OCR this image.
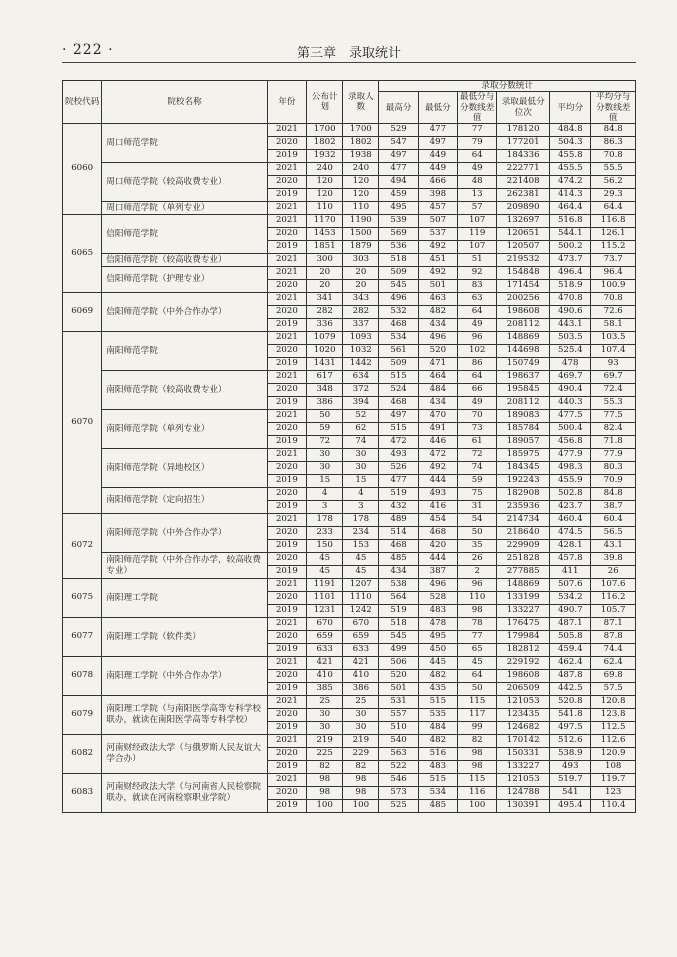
· 222 ·	第三章　录取统计
院校代码	院校名称	年份	公布计划	录取人数	录取分数统计					
					最高分	最低分	最低分与分数线差值	录取最低分位次	平均分	平均分与分数线差值
6060	周口师范学院	2021	1700	1700	529	477	77	178120	484.8	84.8
		2020	1802	1802	547	497	79	177201	504.3	86.3
		2019	1932	1938	497	449	64	184336	455.8	70.8
	周口师范学院（较高收费专业）	2021	240	240	477	449	49	222771	455.5	55.5
		2020	120	120	494	466	48	221408	474.2	56.2
		2019	120	120	459	398	13	262381	414.3	29.3
	周口师范学院（单列专业）	2021	110	110	495	457	57	209890	464.4	64.4
6065	信阳师范学院	2021	1170	1190	539	507	107	132697	516.8	116.8
		2020	1453	1500	569	537	119	120651	544.1	126.1
		2019	1851	1879	536	492	107	120507	500.2	115.2
	信阳师范学院（较高收费专业）	2021	300	303	518	451	51	219532	473.7	73.7
	信阳师范学院（护理专业）	2021	20	20	509	492	92	154848	496.4	96.4
		2020	20	20	545	501	83	171454	518.9	100.9
6069	信阳师范学院（中外合作办学）	2021	341	343	496	463	63	200256	470.8	70.8
		2020	282	282	532	482	64	198608	490.6	72.6
		2019	336	337	468	434	49	208112	443.1	58.1
6070	南阳师范学院	2021	1079	1093	534	496	96	148869	503.5	103.5
		2020	1020	1032	561	520	102	144698	525.4	107.4
		2019	1431	1442	509	471	86	150749	478	93
	南阳师范学院（较高收费专业）	2021	617	634	515	464	64	198637	469.7	69.7
		2020	348	372	524	484	66	195845	490.4	72.4
		2019	386	394	468	434	49	208112	440.3	55.3
	南阳师范学院（单列专业）	2021	50	52	497	470	70	189083	477.5	77.5
		2020	59	62	515	491	73	185784	500.4	82.4
		2019	72	74	472	446	61	189057	456.8	71.8
	南阳师范学院（异地校区）	2021	30	30	493	472	72	185975	477.9	77.9
		2020	30	30	526	492	74	184345	498.3	80.3
		2019	15	15	477	444	59	192243	455.9	70.9
	南阳师范学院（定向招生）	2020	4	4	519	493	75	182908	502.8	84.8
		2019	3	3	432	416	31	235936	423.7	38.7
6072	南阳师范学院（中外合作办学）	2021	178	178	489	454	54	214734	460.4	60.4
		2020	233	234	514	468	50	218640	474.5	56.5
		2019	150	153	468	420	35	229909	428.1	43.1
	南阳师范学院（中外合作办学，较高收费专业）	2020	45	45	485	444	26	251828	457.8	39.8
		2019	45	45	434	387	2	277885	411	26
6075	南阳理工学院	2021	1191	1207	538	496	96	148869	507.6	107.6
		2020	1101	1110	564	528	110	133199	534.2	116.2
		2019	1231	1242	519	483	98	133227	490.7	105.7
6077	南阳理工学院（软件类）	2021	670	670	518	478	78	176475	487.1	87.1
		2020	659	659	545	495	77	179984	505.8	87.8
		2019	633	633	499	450	65	182812	459.4	74.4
6078	南阳理工学院（中外合作办学）	2021	421	421	506	445	45	229192	462.4	62.4
		2020	410	410	520	482	64	198608	487.8	69.8
		2019	385	386	501	435	50	206509	442.5	57.5
6079	南阳理工学院（与南阳医学高等专科学校联办，就读在南阳医学高等专科学校）	2021	25	25	531	515	115	121053	520.8	120.8
		2020	30	30	557	535	117	123435	541.8	123.8
		2019	30	30	510	484	99	124682	497.5	112.5
6082	河南财经政法大学（与俄罗斯人民友谊大学合办）	2021	219	219	540	482	82	170142	512.6	112.6
		2020	225	229	563	516	98	150331	538.9	120.9
		2019	82	82	522	483	98	133227	493	108
6083	河南财经政法大学（与河南省人民检察院联办，就读在河南检察职业学院）	2021	98	98	546	515	115	121053	519.7	119.7
		2020	98	98	573	534	116	124788	541	123
		2019	100	100	525	485	100	130391	495.4	110.4
